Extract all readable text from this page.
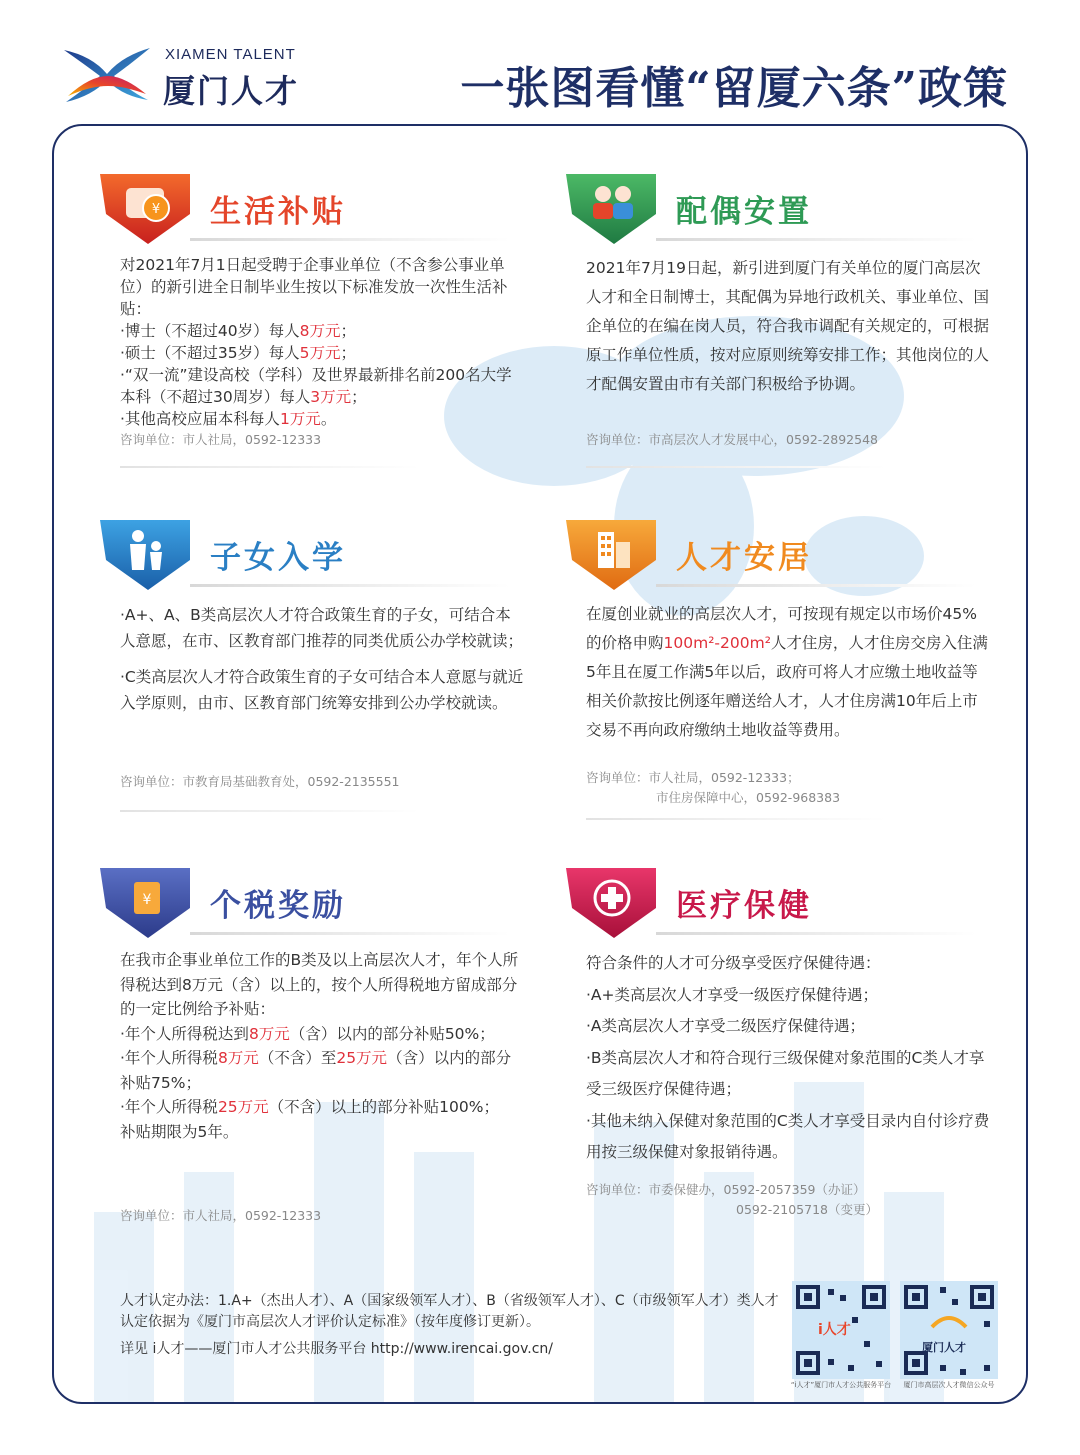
XIAMEN TALENT
厦门人才	一张图看懂“留厦六条”政策
¥ 生活补贴

对2021年7月1日起受聘于企事业单位（不含参公事业单位）的新引进全日制毕业生按以下标准发放一次性生活补贴：

·博士（不超过40岁）每人8万元；

·硕士（不超过35岁）每人5万元；

·“双一流”建设高校（学科）及世界最新排名前200名大学本科（不超过30周岁）每人3万元；

·其他高校应届本科每人1万元。

咨询单位：市人社局，0592-12333
配偶安置
2021年7月19日起，新引进到厦门有关单位的厦门高层次人才和全日制博士，其配偶为异地行政机关、事业单位、国企单位的在编在岗人员，符合我市调配有关规定的，可根据原工作单位性质，按对应原则统筹安排工作；其他岗位的人才配偶安置由市有关部门积极给予协调。
咨询单位：市高层次人才发展中心，0592-2892548
子女入学

·A+、A、B类高层次人才符合政策生育的子女，可结合本人意愿，在市、区教育部门推荐的同类优质公办学校就读；

·C类高层次人才符合政策生育的子女可结合本人意愿与就近入学原则，由市、区教育部门统筹安排到公办学校就读。

咨询单位：市教育局基础教育处，0592-2135551
人才安居
在厦创业就业的高层次人才，可按现有规定以市场价45%的价格申购100m²-200m²人才住房，人才住房交房入住满5年且在厦工作满5年以后，政府可将人才应缴土地收益等相关价款按比例逐年赠送给人才，人才住房满10年后上市交易不再向政府缴纳土地收益等费用。
咨询单位：市人社局，0592-12333；
市住房保障中心，0592-968383
¥ 个税奖励

在我市企事业单位工作的B类及以上高层次人才，年个人所得税达到8万元（含）以上的，按个人所得税地方留成部分的一定比例给予补贴：

·年个人所得税达到8万元（含）以内的部分补贴50%；

·年个人所得税8万元（不含）至25万元（含）以内的部分补贴75%；

·年个人所得税25万元（不含）以上的部分补贴100%；

补贴期限为5年。

咨询单位：市人社局，0592-12333
医疗保健

符合条件的人才可分级享受医疗保健待遇：

·A+类高层次人才享受一级医疗保健待遇；

·A类高层次人才享受二级医疗保健待遇；

·B类高层次人才和符合现行三级保健对象范围的C类人才享受三级医疗保健待遇；

·其他未纳入保健对象范围的C类人才享受目录内自付诊疗费用按三级保健对象报销待遇。

咨询单位：市委保健办，0592-2057359（办证）
0592-2105718（变更）
人才认定办法：1.A+（杰出人才）、A（国家级领军人才）、B（省级领军人才）、C（市级领军人才）类人才认定依据为《厦门市高层次人才评价认定标准》（按年度修订更新）。
详见 i人才——厦门市人才公共服务平台 http://www.irencai.gov.cn/
i人才
“i人才”厦门市人才公共服务平台
厦门人才
厦门市高层次人才微信公众号
